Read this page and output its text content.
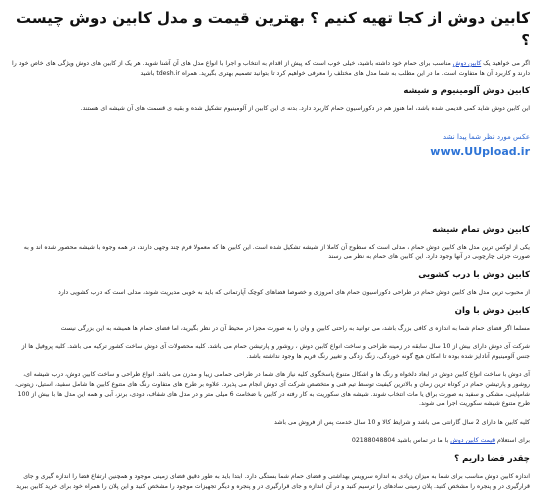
کابین دوش از کجا تهیه کنیم ؟ بهترین قیمت و مدل کابین دوش چیست ؟

اگر می خواهید یک کابین دوش مناسب برای حمام خود داشته باشید، خیلی خوب است که پیش از اقدام به انتخاب و اجرا با انواع مدل های آن آشنا شوید. هر یک از کابین های دوش ویژگی های خاص خود را دارند و کاربرد آن ها متفاوت است. ما در این مطلب به شما مدل های مختلف را معرفی خواهیم کرد تا بتوانید تصمیم بهتری بگیرید. همراه tdesh.ir باشید

کابین دوش آلومینیوم و شیشه

این کابین دوش شاید کمی قدیمی شده باشد، اما هنوز هم در دکوراسیون حمام کاربرد دارد. بدنه ی این کابین از آلومینیوم تشکیل شده و بقیه ی قسمت های آن شیشه ای هستند.

عکس مورد نظر شما پیدا نشد
www.UUpload.ir
کابین دوش تمام شیشه

یکی از لوکس ترین مدل های کابین دوش حمام ، مدلی است که سطوح آن کاملا از شیشه تشکیل شده است. این کابین ها که معمولا فرم چند وجهی دارند، در همه وجوه با شیشه محصور شده اند و به صورت جزئی چارچوبی در آنها وجود دارد. این کابین های حمام به نظر می رسند

کابین دوش با درب کشویی

از محبوب ترین مدل های کابین دوش حمام در طراحی دکوراسیون حمام های امروزی و خصوصا فضاهای کوچک آپارتمانی که باید به خوبی مدیریت شوند، مدلی است که درب کشویی دارد

کابین دوش با وان

مسلما اگر فضای حمام شما به اندازه ی کافی بزرگ باشد، می توانید به راحتی کابین و وان را به صورت مجزا در محیط آن در نظر بگیرید، اما فضای حمام ها همیشه به این بزرگی نیست

شرکت آی دوش دارای بیش از 10 سال سابقه در زمینه طراحی و ساخت انواع کابین دوش ، روشور و پارتیشن حمام می باشد. کلیه محصولات آی دوش ساخت کشور ترکیه می باشد. کلیه پروفیل ها از جنس آلومینیوم آنادایز شده بوده تا امکان هیچ گونه خوردگی، زنگ زدگی و تغییر رنگ فریم ها وجود نداشته باشد.

آی دوش با ساخت انواع کابین دوش در ابعاد دلخواه و رنگ ها و اشکال متنوع پاسخگوی کلیه نیاز های شما در طراحی حمامی زیبا و مدرن می باشد. انواع طراحی و ساخت کابین دوش، درب شیشه ای، روشور و پارتیشن حمام در کوتاه ترین زمان و بالاترین کیفیت توسط تیم فنی و متخصص شرکت آی دوش انجام می پذیرد. علاوه بر طرح های متفاوت رنگ های متنوع کابین ها شامل سفید، استیل، زیتونی، شامپاینی، مشکی و سفید به صورت براق یا مات انتخاب شوند. شیشه های سکوریت به کار رفته در کابین با ضخامت 6 میلی متر و در مدل های شفاف، دودی، برنز، آبی و همه این مدل ها با بیش از 100 طرح متنوع شیشه سکوریت اجرا می شوند.

کلیه کابین ها دارای 2 سال گارانتی می باشد و شرایط کالا و 10 سال خدمت پس از فروش می باشد

برای استعلام قیمت کابین دوش با ما در تماس باشید 02188048804

چقدر فضا داریم ؟

اندازه کابین دوش مناسب برای شما به میزان زیادی به اندازه سرویس بهداشتی و فضای حمام شما بستگی دارد. ابتدا باید به طور دقیق فضای زمینی موجود و همچنین ارتفاع فضا را اندازه گیری و جای قرارگیری در و پنجره را مشخص کنید. پلان زمینی سادهای را ترسیم کنید و در آن اندازه و جای قرارگیری در و پنجره و دیگر تجهیزات موجود را مشخص کنید و این پلان را همراه خود برای خرید کابین ببرید
